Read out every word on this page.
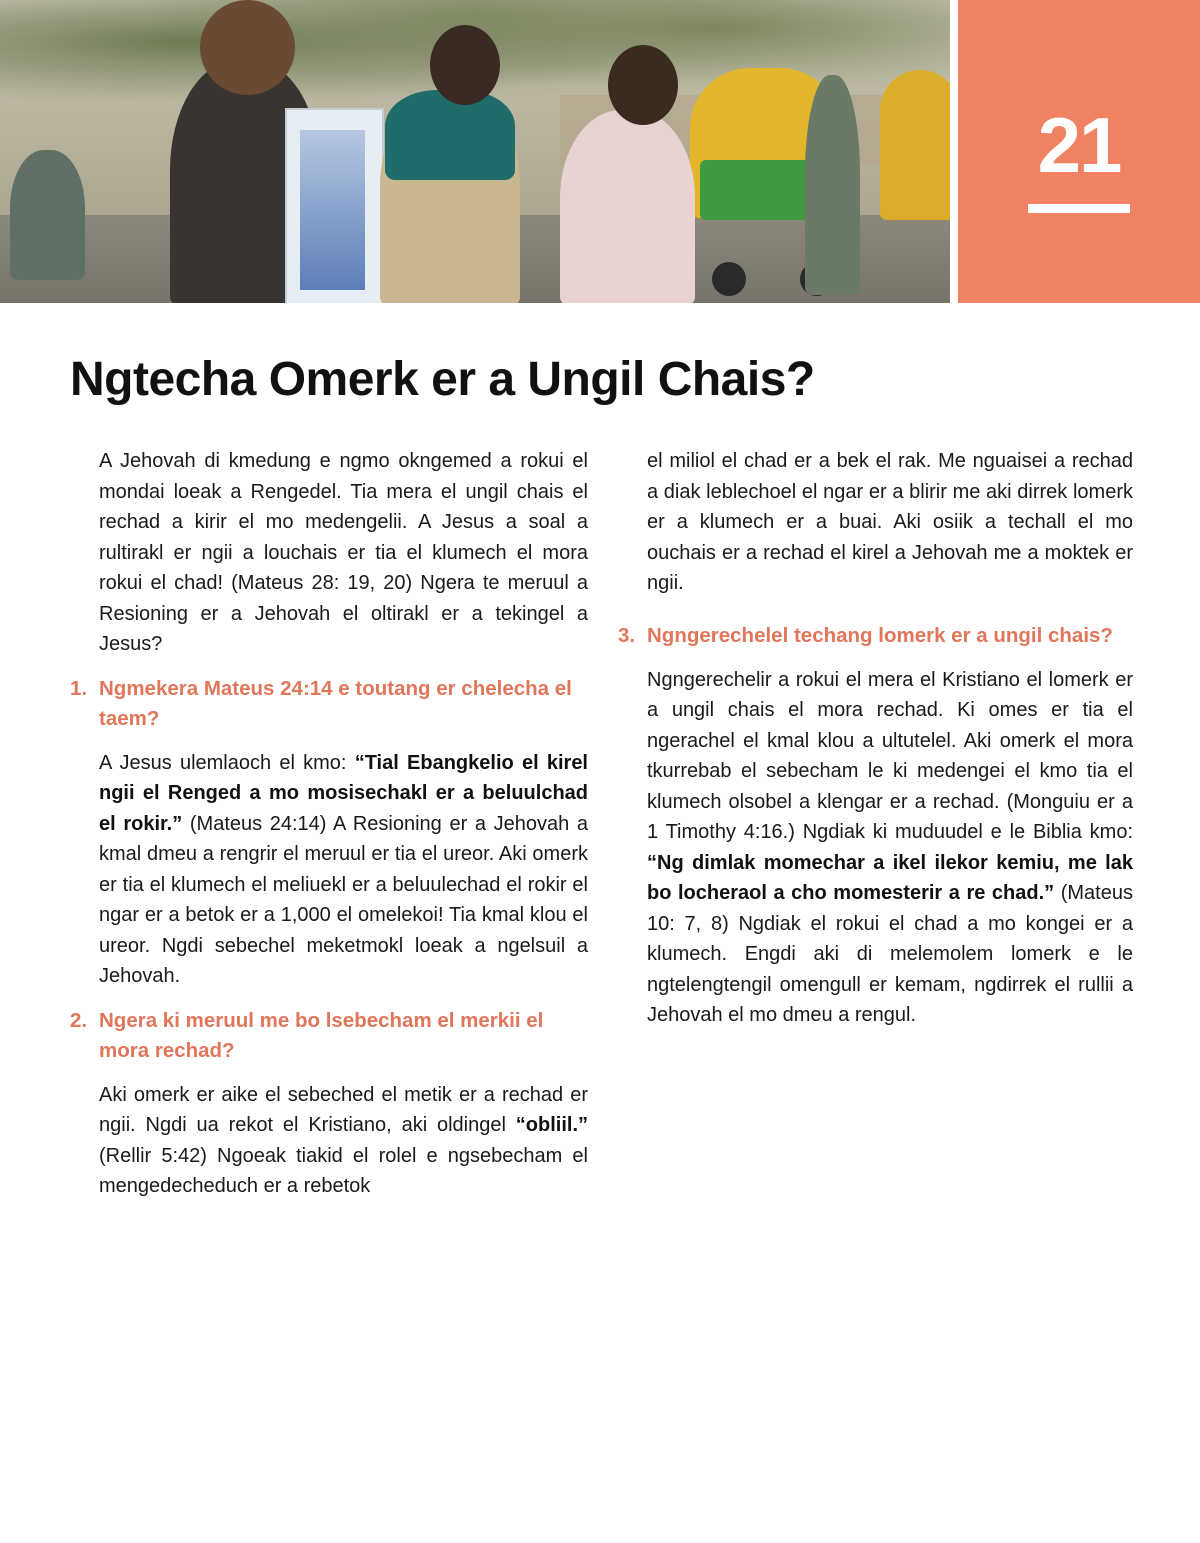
21
Ngtecha Omerk er a Ungil Chais?

A Jehovah di kmedung e ngmo okngemed a rokui el mondai loeak a Rengedel. Tia mera el ungil chais el rechad a kirir el mo medengelii. A Jesus a soal a rultirakl er ngii a louchais er tia el klumech el mora rokui el chad! (Mateus 28: 19, 20) Ngera te meruul a Resioning er a Jehovah el oltirakl er a tekingel a Jesus?

1. Ngmekera Mateus 24:14 e toutang er chelecha el taem?

A Jesus ulemlaoch el kmo: “Tial Ebangkelio el kirel ngii el Renged a mo mosisechakl er a beluulchad el rokir.” (Mateus 24:14) A Resioning er a Jehovah a kmal dmeu a rengrir el meruul er tia el ureor. Aki omerk er tia el klumech el meliuekl er a beluulechad el rokir el ngar er a betok er a 1,000 el omelekoi! Tia kmal klou el ureor. Ngdi sebechel meketmokl loeak a ngelsuil a Jehovah.

2. Ngera ki meruul me bo lsebecham el merkii el mora rechad?

Aki omerk er aike el sebeched el metik er a rechad er ngii. Ngdi ua rekot el Kristiano, aki oldingel “obliil.” (Rellir 5:42) Ngoeak tiakid el rolel e ngsebecham el mengedecheduch er a rebetok

el miliol el chad er a bek el rak. Me nguaisei a rechad a diak leblechoel el ngar er a blirir me aki dirrek lomerk er a klumech er a buai. Aki osiik a techall el mo ouchais er a rechad el kirel a Jehovah me a moktek er ngii.

3. Ngngerechelel techang lomerk er a ungil chais?

Ngngerechelir a rokui el mera el Kristiano el lomerk er a ungil chais el mora rechad. Ki omes er tia el ngerachel el kmal klou a ultutelel. Aki omerk el mora tkurrebab el sebecham le ki medengei el kmo tia el klumech olsobel a klengar er a rechad. (Monguiu er a 1 Timothy 4:16.) Ngdiak ki muduudel e le Biblia kmo: “Ng dimlak momechar a ikel ilekor kemiu, me lak bo locheraol a cho momesterir a re chad.” (Mateus 10: 7, 8) Ngdiak el rokui el chad a mo kongei er a klumech. Engdi aki di melemolem lomerk e le ngtelengtengil omengull er kemam, ngdirrek el rullii a Jehovah el mo dmeu a rengul.
